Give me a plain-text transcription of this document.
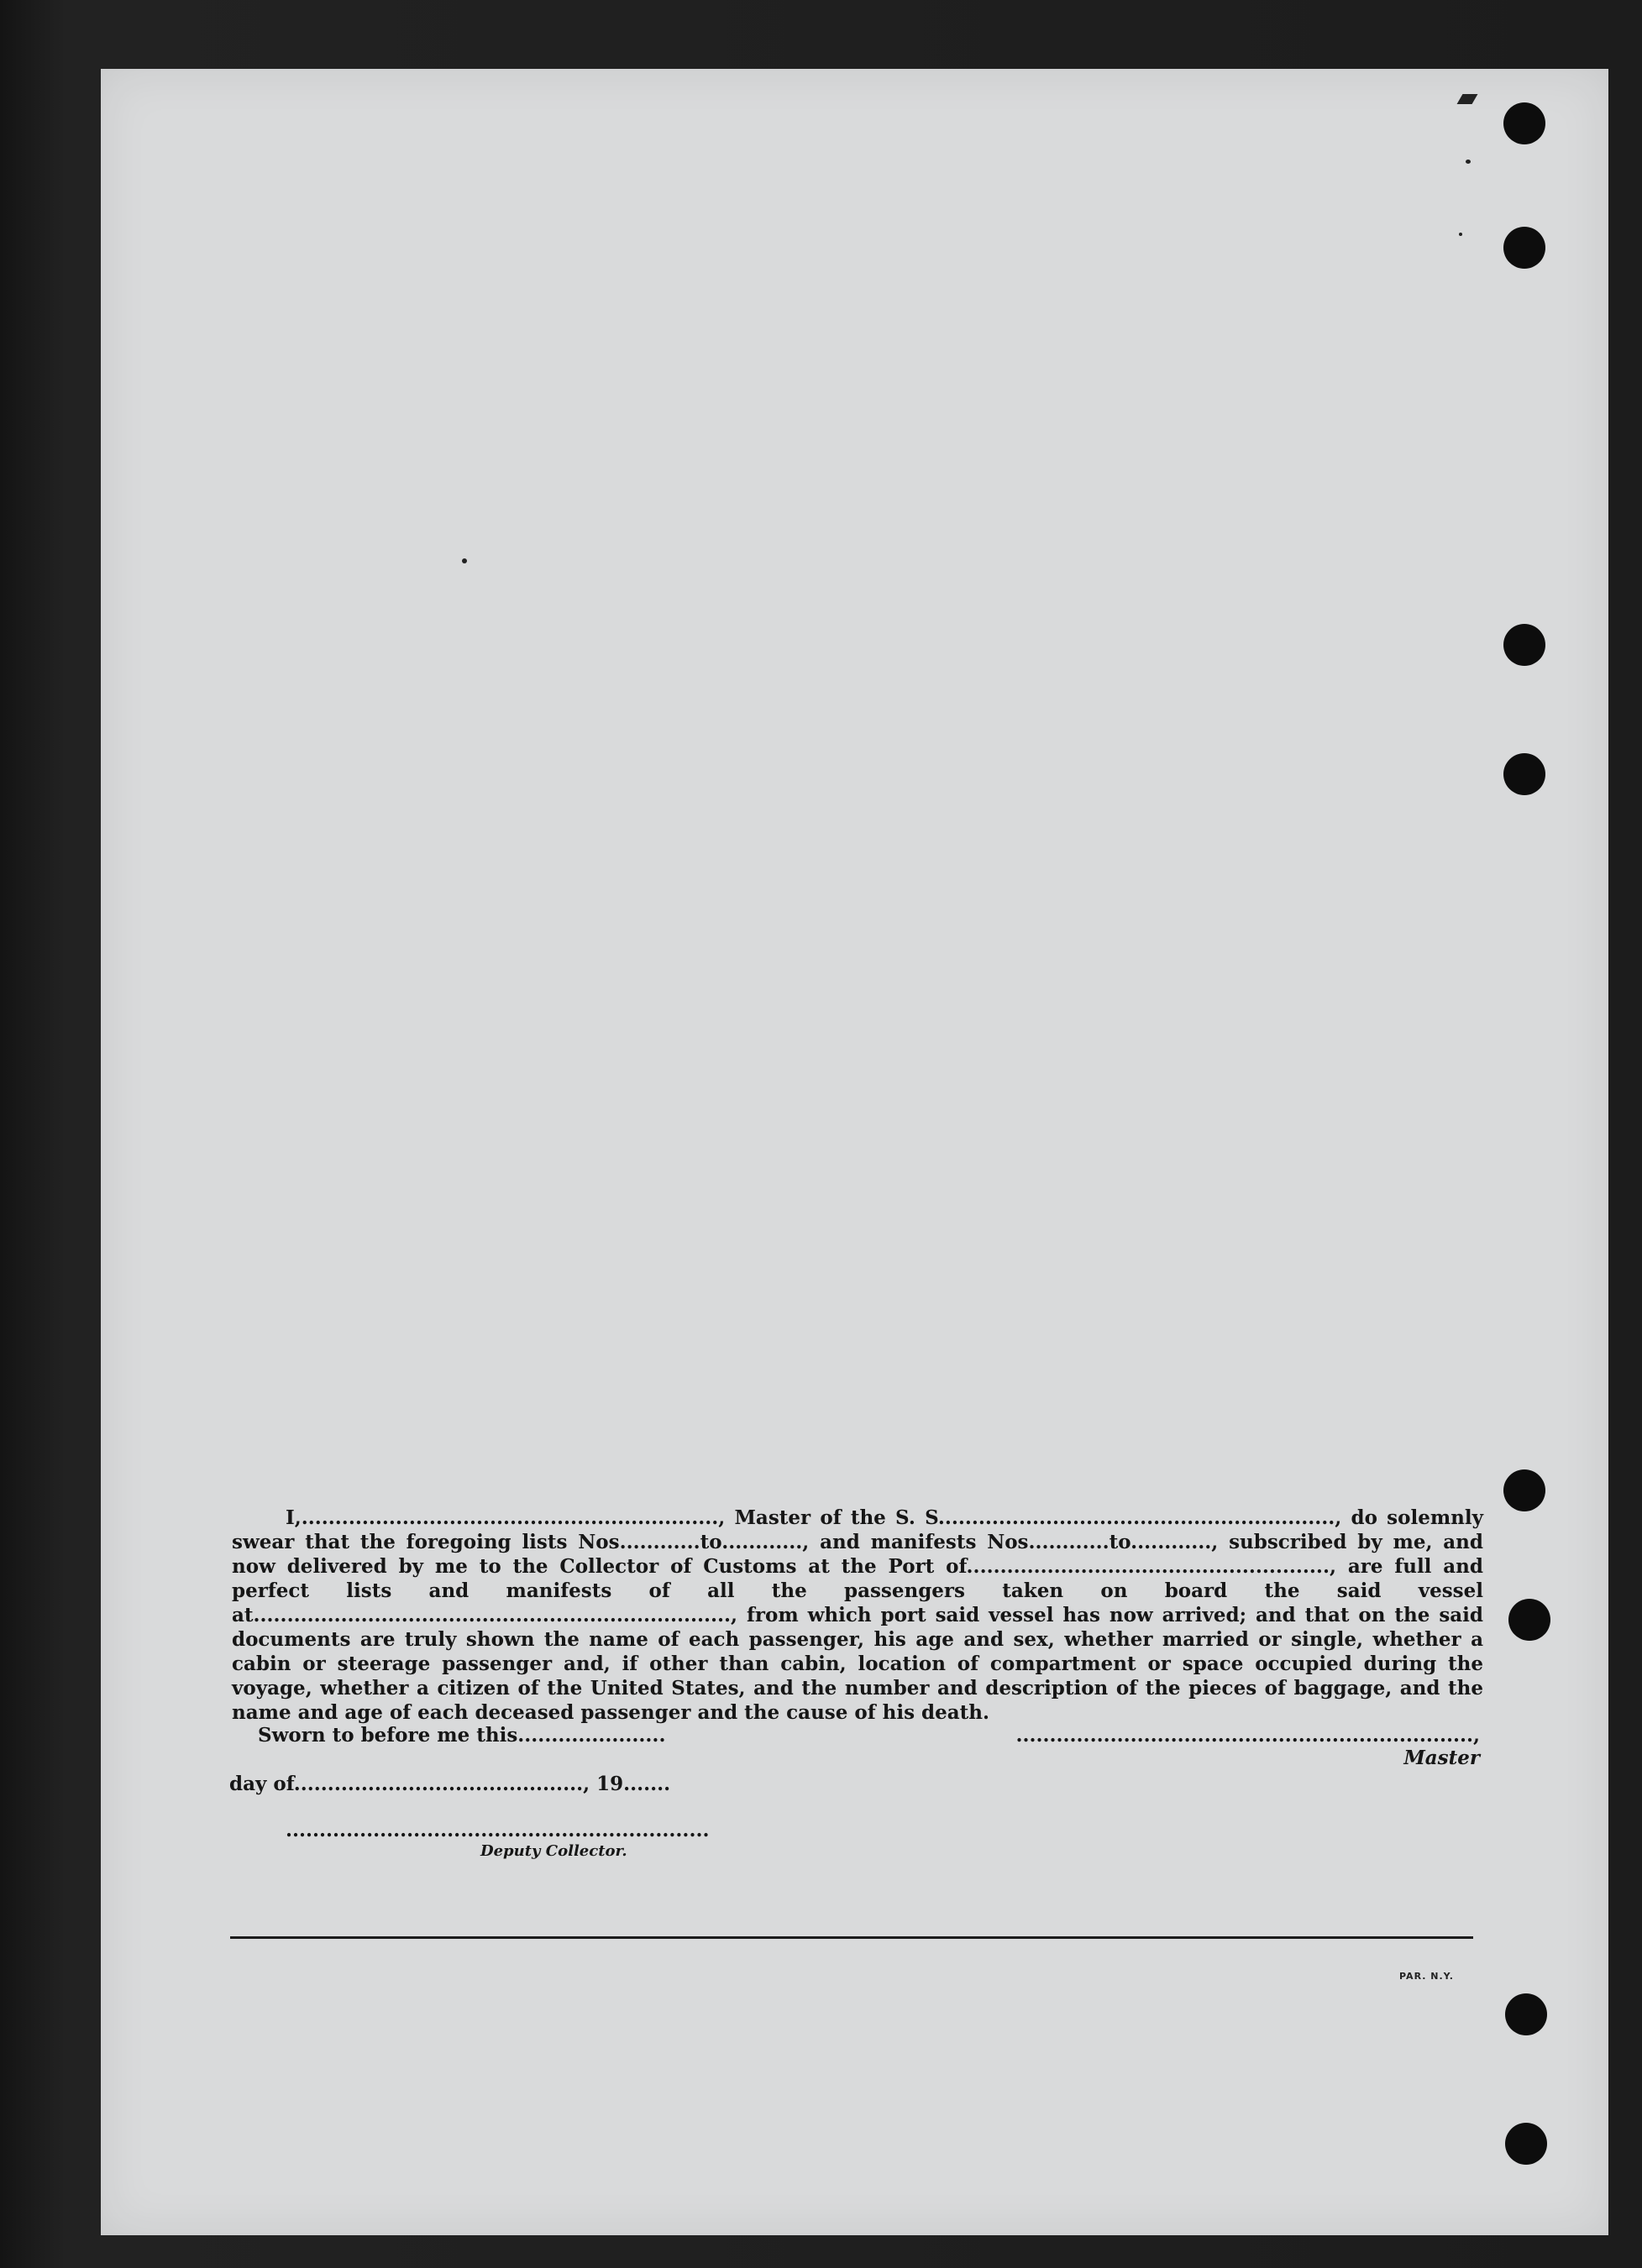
I,.............................................................., Master of the S. S..........................................................., do solemnly swear that the foregoing lists Nos............to............, and manifests Nos............to............, subscribed by me, and now delivered by me to the Collector of Customs at the Port of......................................................, are full and perfect lists and manifests of all the passengers taken on board the said vessel at......................................................................., from which port said vessel has now arrived; and that on the said documents are truly shown the name of each passenger, his age and sex, whether married or single, whether a cabin or steerage passenger and, if other than cabin, location of compartment or space occupied during the voyage, whether a citizen of the United States, and the number and description of the pieces of baggage, and the name and age of each deceased passenger and the cause of his death.

Sworn to before me this......................	...................................................................., Master
day of..........................................., 19.......
...............................................................
Deputy Collector.
PAR. N.Y.
